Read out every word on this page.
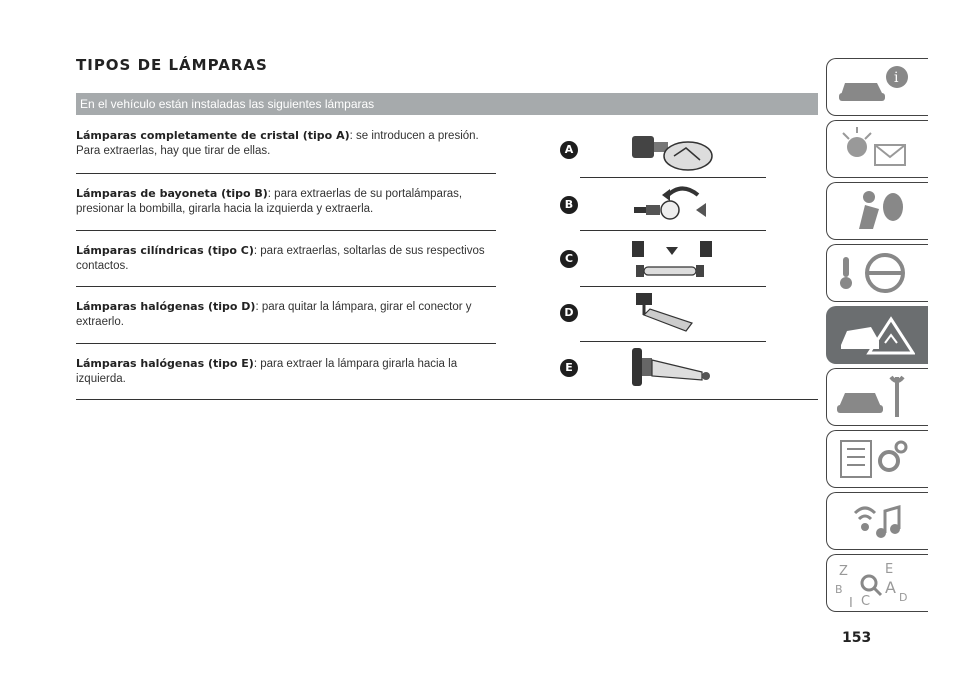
TIPOS DE LÁMPARAS
En el vehículo están instaladas las siguientes lámparas
Lámparas completamente de cristal (tipo A): se introducen a presión. Para extraerlas, hay que tirar de ellas.
Lámparas de bayoneta (tipo B): para extraerlas de su portalámparas, presionar la bombilla, girarla hacia la izquierda y extraerla.
Lámparas cilíndricas (tipo C): para extraerlas, soltarlas de sus respectivos contactos.
Lámparas halógenas (tipo D): para quitar la lámpara, girar el conector y extraerlo.
Lámparas halógenas (tipo E): para extraer la lámpara girarla hacia la izquierda.
A
B
C
D
E
i
Z	E
B	A
I C	D
153
